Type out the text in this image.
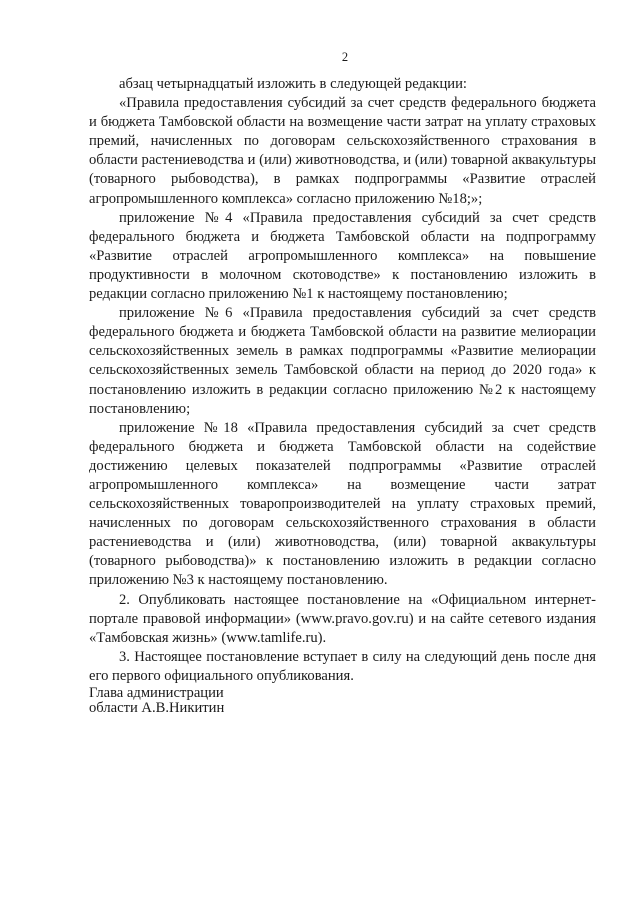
2

абзац четырнадцатый изложить в следующей редакции:

«Правила предоставления субсидий за счет средств федерального бюджета и бюджета Тамбовской области на возмещение части затрат на уплату страховых премий, начисленных по договорам сельскохозяйственного страхования в области растениеводства и (или) животноводства, и (или) товарной аквакультуры (товарного рыбоводства), в рамках подпрограммы «Развитие отраслей агропромышленного комплекса» согласно приложению №18;»;

приложение №4 «Правила предоставления субсидий за счет средств федерального бюджета и бюджета Тамбовской области на подпрограмму «Развитие отраслей агропромышленного комплекса» на повышение продуктивности в молочном скотоводстве» к постановлению изложить в редакции согласно приложению №1 к настоящему постановлению;

приложение №6 «Правила предоставления субсидий за счет средств федерального бюджета и бюджета Тамбовской области на развитие мелиорации сельскохозяйственных земель в рамках подпрограммы «Развитие мелиорации сельскохозяйственных земель Тамбовской области на период до 2020 года» к постановлению изложить в редакции согласно приложению №2 к настоящему постановлению;

приложение №18 «Правила предоставления субсидий за счет средств федерального бюджета и бюджета Тамбовской области на содействие достижению целевых показателей подпрограммы «Развитие отраслей агропромышленного комплекса» на возмещение части затрат сельскохозяйственных товаропроизводителей на уплату страховых премий, начисленных по договорам сельскохозяйственного страхования в области растениеводства и (или) животноводства, (или) товарной аквакультуры (товарного рыбоводства)» к постановлению изложить в редакции согласно приложению №3 к настоящему постановлению.

2. Опубликовать настоящее постановление на «Официальном интернет-портале правовой информации» (www.pravo.gov.ru) и на сайте сетевого издания «Тамбовская жизнь» (www.tamlife.ru).

3. Настоящее постановление вступает в силу на следующий день после дня его первого официального опубликования.

Глава администрации
области А.В.Никитин
